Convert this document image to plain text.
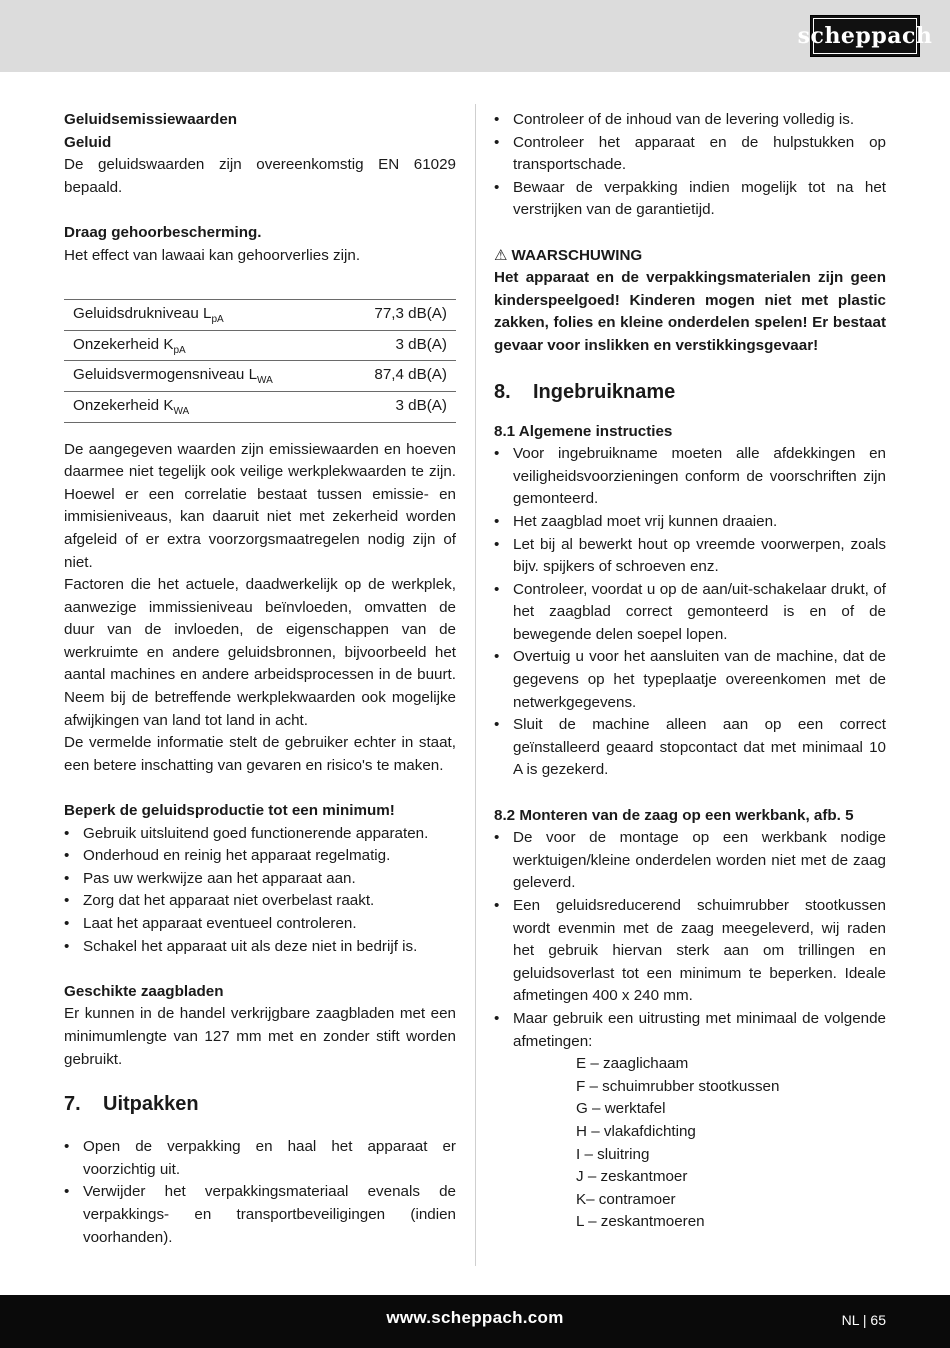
scheppach

Geluidsemissiewaarden

Geluid

De geluidswaarden zijn overeenkomstig EN 61029 bepaald.

Draag gehoorbescherming.

Het effect van lawaai kan gehoorverlies zijn.

Geluidsdrukniveau $L_{pA}$	77,3 dB(A)
Onzekerheid $K_{pA}$	3 dB(A)
Geluidsvermogensniveau $L_{WA}$	87,4 dB(A)
Onzekerheid $K_{WA}$	3 dB(A)

De aangegeven waarden zijn emissiewaarden en hoeven daarmee niet tegelijk ook veilige werkplekwaarden te zijn. Hoewel er een correlatie bestaat tussen emissie- en immisieniveaus, kan daaruit niet met zekerheid worden afgeleid of er extra voorzorgsmaatregelen nodig zijn of niet.

Factoren die het actuele, daadwerkelijk op de werkplek, aanwezige immissieniveau beïnvloeden, omvatten de duur van de invloeden, de eigenschappen van de werkruimte en andere geluidsbronnen, bijvoorbeeld het aantal machines en andere arbeidsprocessen in de buurt. Neem bij de betreffende werkplekwaarden ook mogelijke afwijkingen van land tot land in acht.

De vermelde informatie stelt de gebruiker echter in staat, een betere inschatting van gevaren en risico's te maken.

Beperk de geluidsproductie tot een minimum!

• Gebruik uitsluitend goed functionerende apparaten.
• Onderhoud en reinig het apparaat regelmatig.
• Pas uw werkwijze aan het apparaat aan.
• Zorg dat het apparaat niet overbelast raakt.
• Laat het apparaat eventueel controleren.
• Schakel het apparaat uit als deze niet in bedrijf is.

Geschikte zaagbladen

Er kunnen in de handel verkrijgbare zaagbladen met een minimumlengte van 127 mm met en zonder stift worden gebruikt.

7. Uitpakken
• Open de verpakking en haal het apparaat er voorzichtig uit.
• Verwijder het verpakkingsmateriaal evenals de verpakkings- en transportbeveiligingen (indien voorhanden).
• Controleer of de inhoud van de levering volledig is.
• Controleer het apparaat en de hulpstukken op transportschade.
• Bewaar de verpakking indien mogelijk tot na het verstrijken van de garantietijd.

⚠ WAARSCHUWING

Het apparaat en de verpakkingsmaterialen zijn geen kinderspeelgoed! Kinderen mogen niet met plastic zakken, folies en kleine onderdelen spelen! Er bestaat gevaar voor inslikken en verstikkingsgevaar!

8. Ingebruikname

8.1 Algemene instructies

• Voor ingebruikname moeten alle afdekkingen en veiligheidsvoorzieningen conform de voorschriften zijn gemonteerd.
• Het zaagblad moet vrij kunnen draaien.
• Let bij al bewerkt hout op vreemde voorwerpen, zoals bijv. spijkers of schroeven enz.
• Controleer, voordat u op de aan/uit-schakelaar drukt, of het zaagblad correct gemonteerd is en of de bewegende delen soepel lopen.
• Overtuig u voor het aansluiten van de machine, dat de gegevens op het typeplaatje overeenkomen met de netwerkgegevens.
• Sluit de machine alleen aan op een correct geïnstalleerd geaard stopcontact dat met minimaal 10 A is gezekerd.

8.2 Monteren van de zaag op een werkbank, afb. 5

• De voor de montage op een werkbank nodige werktuigen/kleine onderdelen worden niet met de zaag geleverd.
• Een geluidsreducerend schuimrubber stootkussen wordt evenmin met de zaag meegeleverd, wij raden het gebruik hiervan sterk aan om trillingen en geluidsoverlast tot een minimum te beperken. Ideale afmetingen 400 x 240 mm.
• Maar gebruik een uitrusting met minimaal de volgende afmetingen:
E – zaaglichaam
F – schuimrubber stootkussen
G – werktafel
H – vlakafdichting
I – sluitring
J – zeskantmoer
K– contramoer
L – zeskantmoeren
www.scheppach.com	NL | 65
